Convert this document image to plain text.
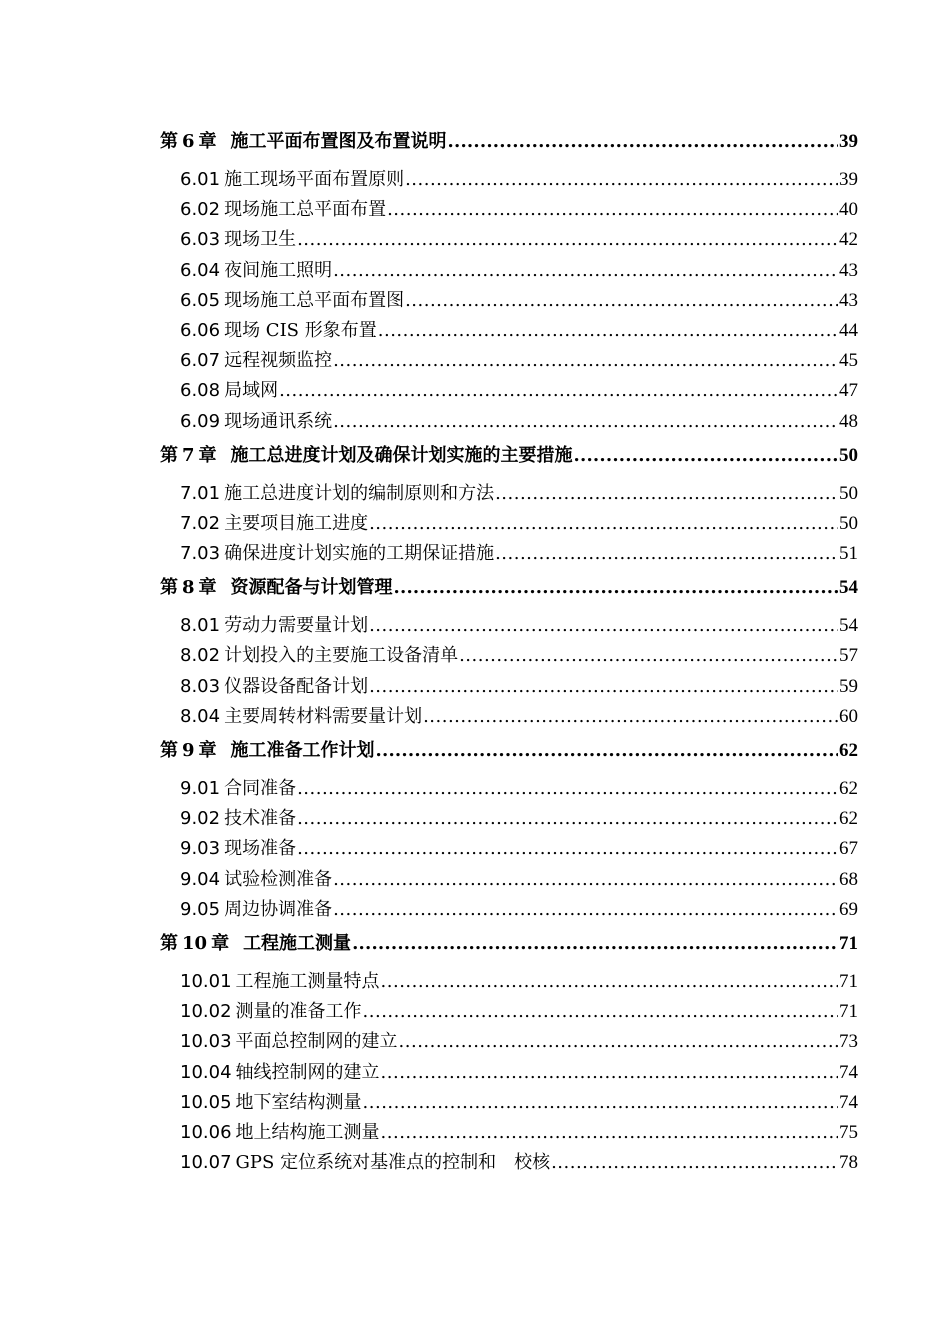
第 6 章 施工平面布置图及布置说明 .....	39
6.01 施工现场平面布置原则 .....	39
6.02 现场施工总平面布置 .....	40
6.03 现场卫生 .....	42
6.04 夜间施工照明 .....	43
6.05 现场施工总平面布置图 .....	43
6.06 现场 CIS 形象布置 .....	44
6.07 远程视频监控 .....	45
6.08 局域网 .....	47
6.09 现场通讯系统 .....	48
第 7 章 施工总进度计划及确保计划实施的主要措施 .....	50
7.01 施工总进度计划的编制原则和方法 .....	50
7.02 主要项目施工进度 .....	50
7.03 确保进度计划实施的工期保证措施 .....	51
第 8 章 资源配备与计划管理 .....	54
8.01 劳动力需要量计划 .....	54
8.02 计划投入的主要施工设备清单 .....	57
8.03 仪器设备配备计划 .....	59
8.04 主要周转材料需要量计划 .....	60
第 9 章 施工准备工作计划 .....	62
9.01 合同准备 .....	62
9.02 技术准备 .....	62
9.03 现场准备 .....	67
9.04 试验检测准备 .....	68
9.05 周边协调准备 .....	69
第 10 章 工程施工测量 .....	71
10.01 工程施工测量特点 .....	71
10.02 测量的准备工作 .....	71
10.03 平面总控制网的建立 .....	73
10.04 轴线控制网的建立 .....	74
10.05 地下室结构测量 .....	74
10.06 地上结构施工测量 .....	75
10.07 GPS 定位系统对基准点的控制和　校核 .....	78
